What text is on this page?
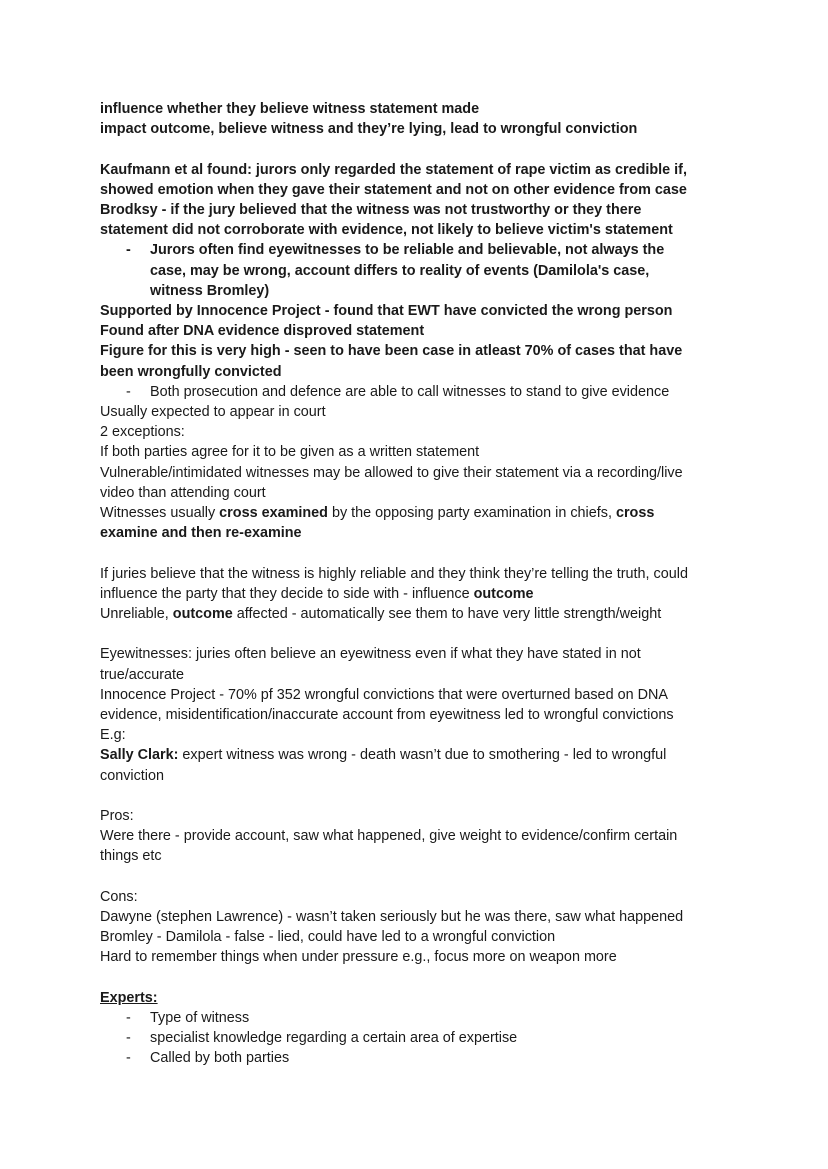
influence whether they believe witness statement made
impact outcome, believe witness and they’re lying, lead to wrongful conviction
Kaufmann et al found: jurors only regarded the statement of rape victim as credible if,
showed emotion when they gave their statement and not on other evidence from case
Brodksy - if the jury believed that the witness was not trustworthy or they there
statement did not corroborate with evidence, not likely to believe victim's statement
- Jurors often find eyewitnesses to be reliable and believable, not always the
case, may be wrong, account differs to reality of events (Damilola's case,
witness Bromley)
Supported by Innocence Project - found that EWT have convicted the wrong person
Found after DNA evidence disproved statement
Figure for this is very high - seen to have been case in atleast 70% of cases that have
been wrongfully convicted
- Both prosecution and defence are able to call witnesses to stand to give evidence
Usually expected to appear in court
2 exceptions:
If both parties agree for it to be given as a written statement
Vulnerable/intimidated witnesses may be allowed to give their statement via a recording/live
video than attending court
Witnesses usually cross examined by the opposing party examination in chiefs, cross
examine and then re-examine
If juries believe that the witness is highly reliable and they think they’re telling the truth, could
influence the party that they decide to side with - influence outcome
Unreliable, outcome affected - automatically see them to have very little strength/weight
Eyewitnesses: juries often believe an eyewitness even if what they have stated in not
true/accurate
Innocence Project - 70% pf 352 wrongful convictions that were overturned based on DNA
evidence, misidentification/inaccurate account from eyewitness led to wrongful convictions
E.g:
Sally Clark: expert witness was wrong - death wasn’t due to smothering - led to wrongful
conviction
Pros:
Were there - provide account, saw what happened, give weight to evidence/confirm certain
things etc
Cons:
Dawyne (stephen Lawrence) - wasn’t taken seriously but he was there, saw what happened
Bromley - Damilola - false - lied, could have led to a wrongful conviction
Hard to remember things when under pressure e.g., focus more on weapon more
Experts:
- Type of witness
- specialist knowledge regarding a certain area of expertise
- Called by both parties
